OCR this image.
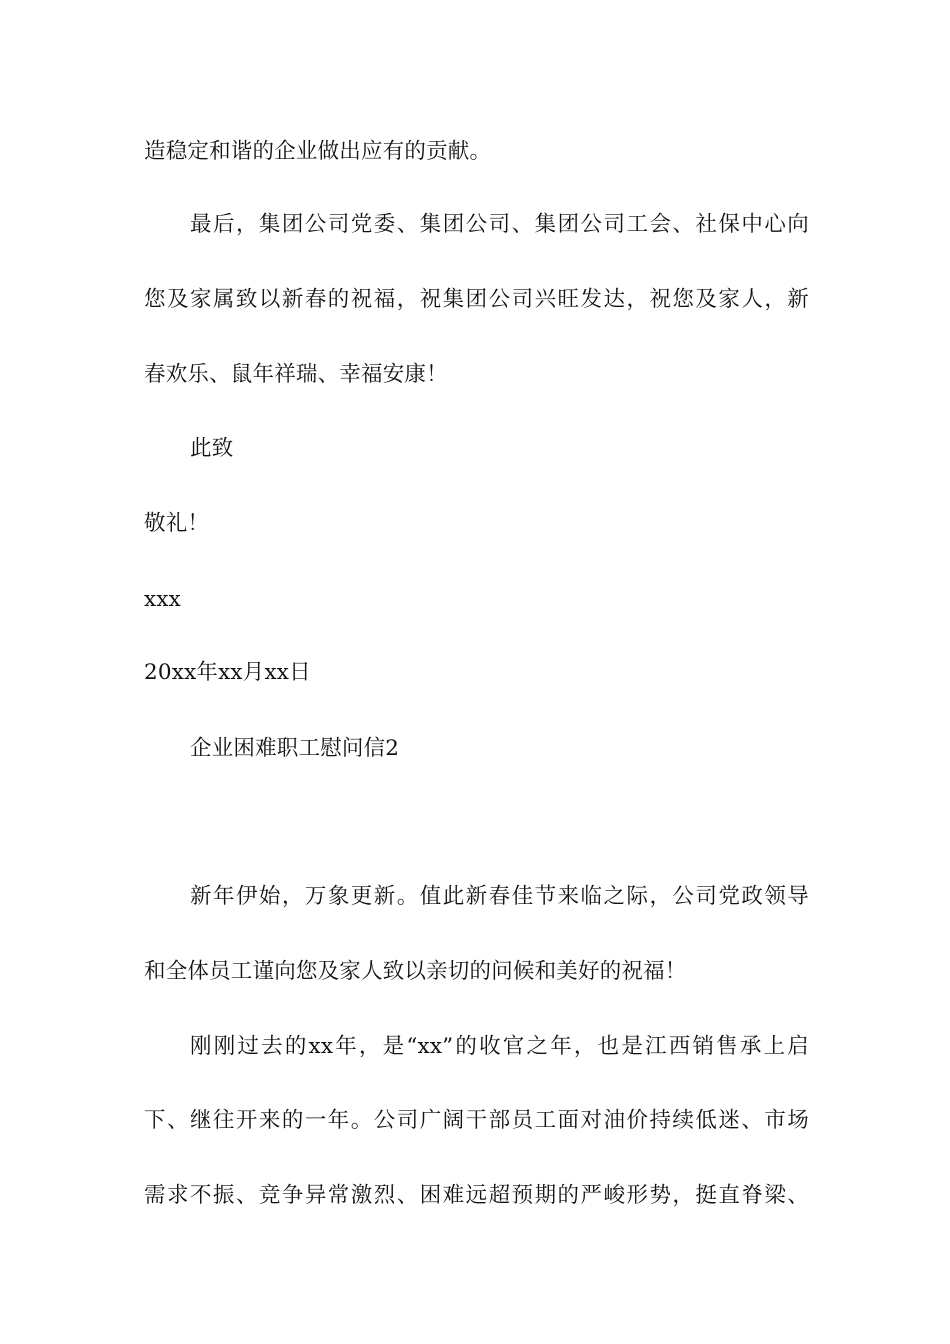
造稳定和谐的企业做出应有的贡献。
最后，集团公司党委、集团公司、集团公司工会、社保中心向
您及家属致以新春的祝福，祝集团公司兴旺发达，祝您及家人，新
春欢乐、鼠年祥瑞、幸福安康！
此致
敬礼！
xxx
20xx年xx月xx日
企业困难职工慰问信2
新年伊始，万象更新。值此新春佳节来临之际，公司党政领导
和全体员工谨向您及家人致以亲切的问候和美好的祝福！
刚刚过去的xx年，是“xx”的收官之年，也是江西销售承上启
下、继往开来的一年。公司广阔干部员工面对油价持续低迷、市场
需求不振、竞争异常激烈、困难远超预期的严峻形势，挺直脊梁、
